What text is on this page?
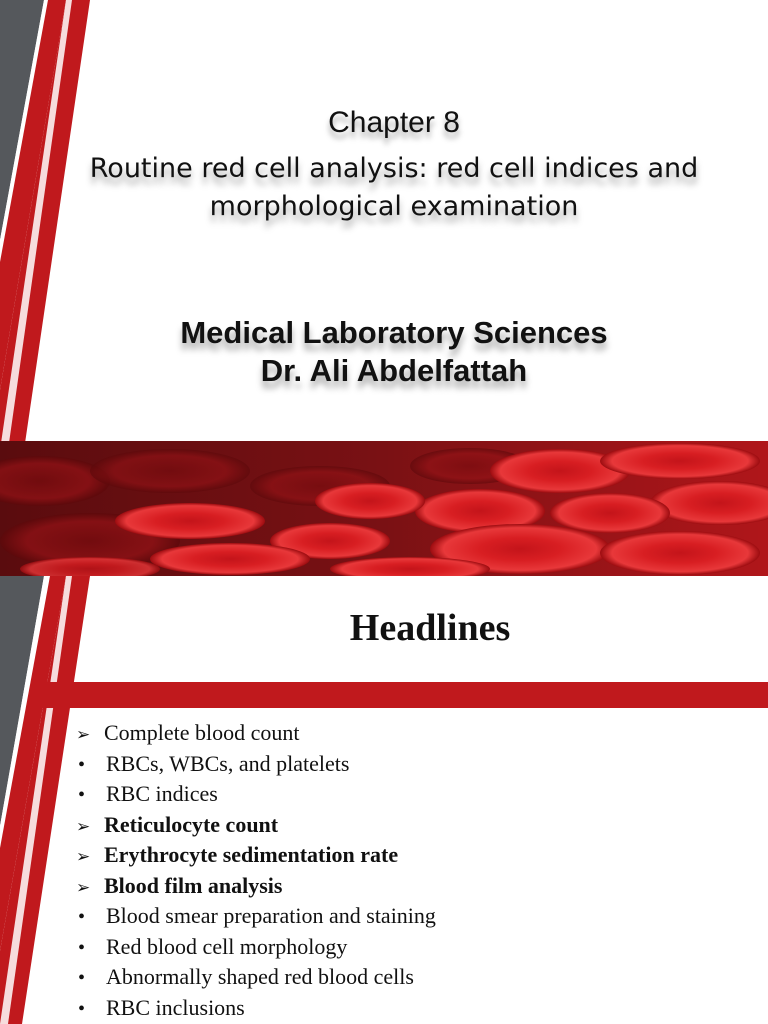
Chapter 8
Routine red cell analysis: red cell indices and
morphological examination
Medical Laboratory Sciences
Dr. Ali Abdelfattah
Headlines
➢ Complete blood count
• RBCs, WBCs, and platelets
• RBC indices
➢ Reticulocyte count
➢ Erythrocyte sedimentation rate
➢ Blood film analysis
• Blood smear preparation and staining
• Red blood cell morphology
• Abnormally shaped red blood cells
• RBC inclusions
